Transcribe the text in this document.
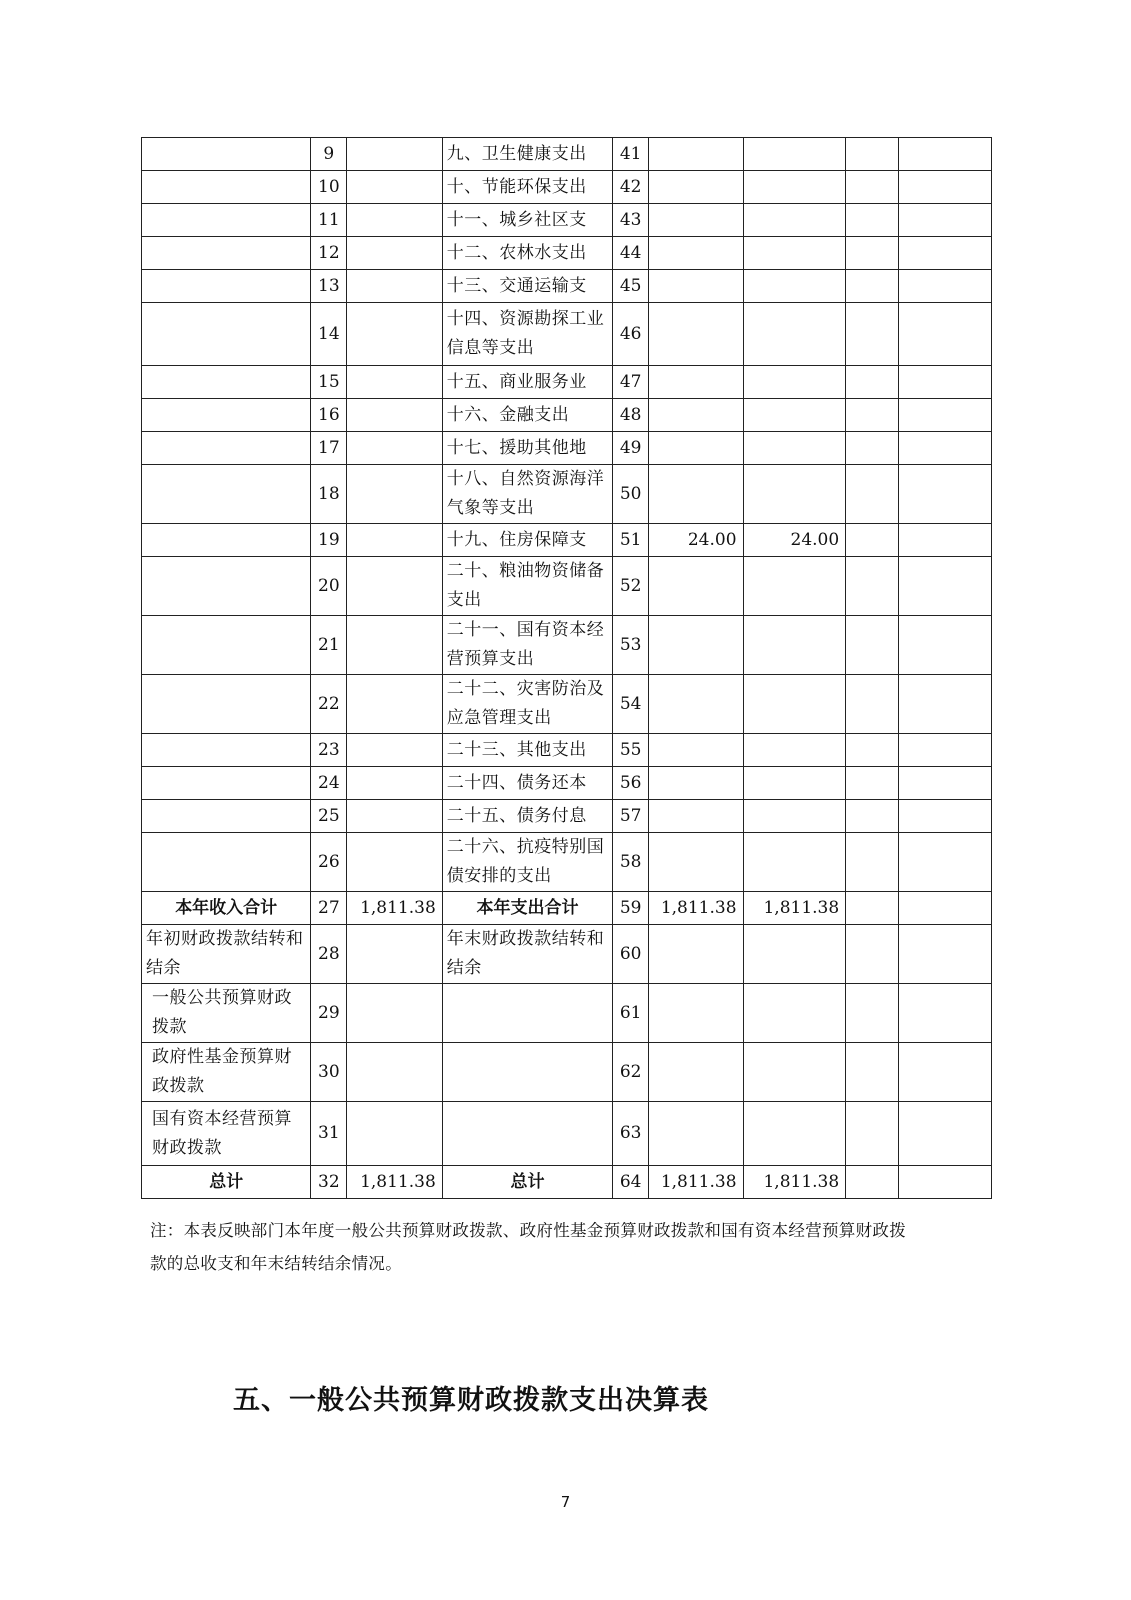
	9		九、卫生健康支出	41				
	10		十、节能环保支出	42				
	11		十一、城乡社区支	43				
	12		十二、农林水支出	44				
	13		十三、交通运输支	45				
	14		十四、资源勘探工业信息等支出	46				
	15		十五、商业服务业	47				
	16		十六、金融支出	48				
	17		十七、援助其他地	49				
	18		十八、自然资源海洋气象等支出	50				
	19		十九、住房保障支	51	24.00	24.00		
	20		二十、粮油物资储备支出	52				
	21		二十一、国有资本经营预算支出	53				
	22		二十二、灾害防治及应急管理支出	54				
	23		二十三、其他支出	55				
	24		二十四、债务还本	56				
	25		二十五、债务付息	57				
	26		二十六、抗疫特别国债安排的支出	58				
本年收入合计	27	1,811.38	本年支出合计	59	1,811.38	1,811.38		
年初财政拨款结转和结余	28		年末财政拨款结转和结余	60				
一般公共预算财政拨款	29			61				
政府性基金预算财政拨款	30			62				
国有资本经营预算财政拨款	31			63				
总计	32	1,811.38	总计	64	1,811.38	1,811.38		
注：本表反映部门本年度一般公共预算财政拨款、政府性基金预算财政拨款和国有资本经营预算财政拨款的总收支和年末结转结余情况。
五、一般公共预算财政拨款支出决算表
7
